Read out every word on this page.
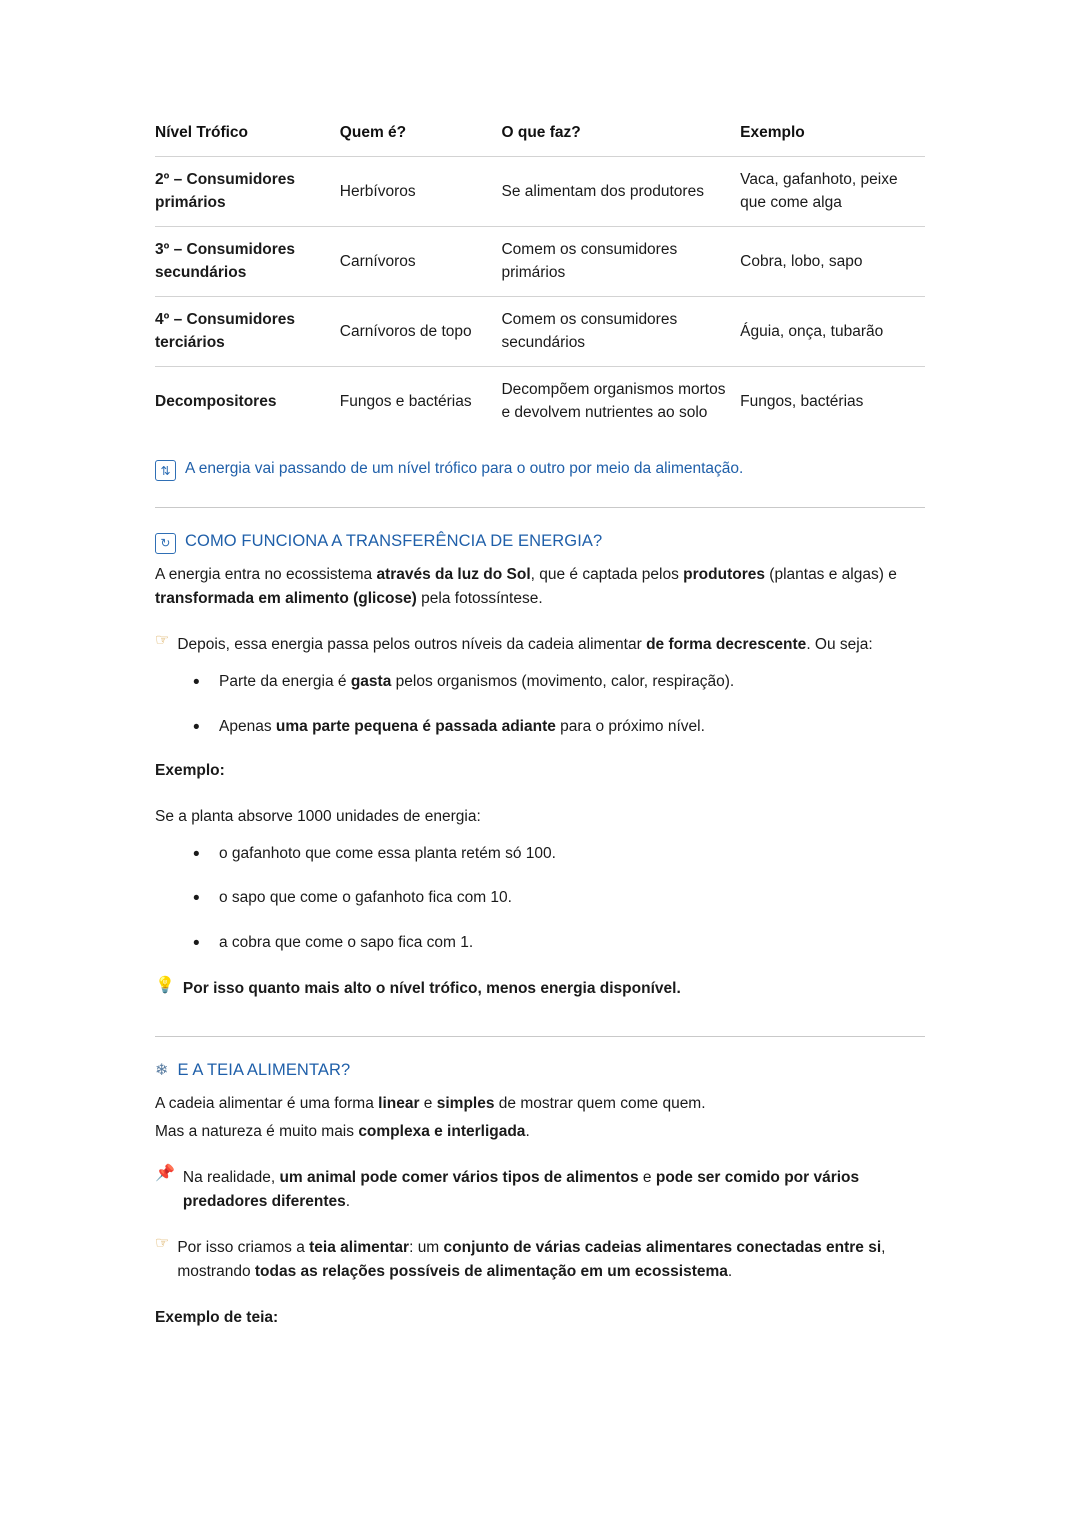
Nível Trófico	Quem é?	O que faz?	Exemplo
2º – Consumidores primários	Herbívoros	Se alimentam dos produtores	Vaca, gafanhoto, peixe que come alga
3º – Consumidores secundários	Carnívoros	Comem os consumidores primários	Cobra, lobo, sapo
4º – Consumidores terciários	Carnívoros de topo	Comem os consumidores secundários	Águia, onça, tubarão
Decompositores	Fungos e bactérias	Decompõem organismos mortos e devolvem nutrientes ao solo	Fungos, bactérias
⇅ A energia vai passando de um nível trófico para o outro por meio da alimentação.
↻ COMO FUNCIONA A TRANSFERÊNCIA DE ENERGIA?

A energia entra no ecossistema através da luz do Sol, que é captada pelos produtores (plantas e algas) e transformada em alimento (glicose) pela fotossíntese.

☞ Depois, essa energia passa pelos outros níveis da cadeia alimentar de forma decrescente. Ou seja:
• Parte da energia é gasta pelos organismos (movimento, calor, respiração).
• Apenas uma parte pequena é passada adiante para o próximo nível.

Exemplo:

Se a planta absorve 1000 unidades de energia:

• o gafanhoto que come essa planta retém só 100.
• o sapo que come o gafanhoto fica com 10.
• a cobra que come o sapo fica com 1.
💡 Por isso quanto mais alto o nível trófico, menos energia disponível.
❄ E A TEIA ALIMENTAR?

A cadeia alimentar é uma forma linear e simples de mostrar quem come quem.

Mas a natureza é muito mais complexa e interligada.

📌 Na realidade, um animal pode comer vários tipos de alimentos e pode ser comido por vários predadores diferentes.
☞ Por isso criamos a teia alimentar: um conjunto de várias cadeias alimentares conectadas entre si, mostrando todas as relações possíveis de alimentação em um ecossistema.

Exemplo de teia:
